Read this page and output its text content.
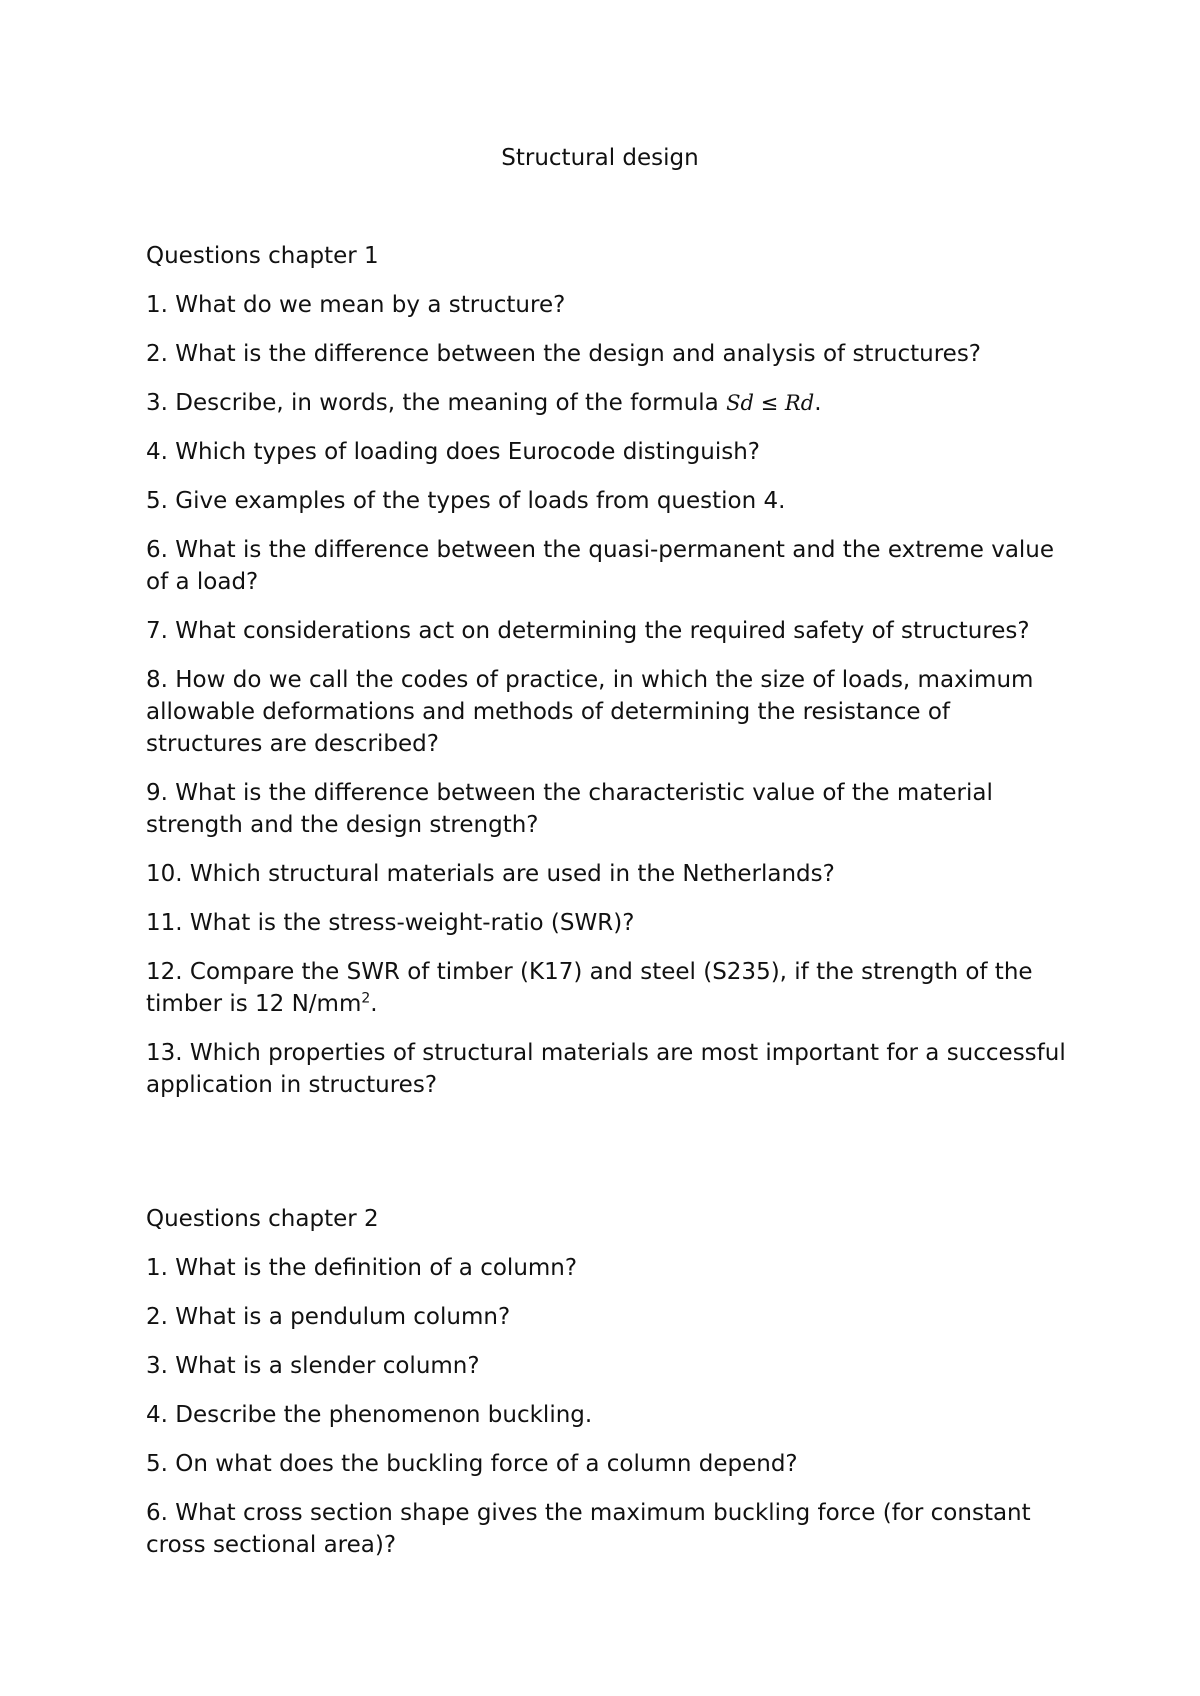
Structural design

Questions chapter 1

1. What do we mean by a structure?

2. What is the difference between the design and analysis of structures?

3. Describe, in words, the meaning of the formula Sd ≤ Rd.

4. Which types of loading does Eurocode distinguish?

5. Give examples of the types of loads from question 4.

6. What is the difference between the quasi-permanent and the extreme value of a load?

7. What considerations act on determining the required safety of structures?

8. How do we call the codes of practice, in which the size of loads, maximum allowable deformations and methods of determining the resistance of structures are described?

9. What is the difference between the characteristic value of the material strength and the design strength?

10. Which structural materials are used in the Netherlands?

11. What is the stress-weight-ratio (SWR)?

12. Compare the SWR of timber (K17) and steel (S235), if the strength of the timber is 12 $N/mm^2$.

13. Which properties of structural materials are most important for a successful application in structures?

Questions chapter 2

1. What is the definition of a column?

2. What is a pendulum column?

3. What is a slender column?

4. Describe the phenomenon buckling.

5. On what does the buckling force of a column depend?

6. What cross section shape gives the maximum buckling force (for constant cross sectional area)?
